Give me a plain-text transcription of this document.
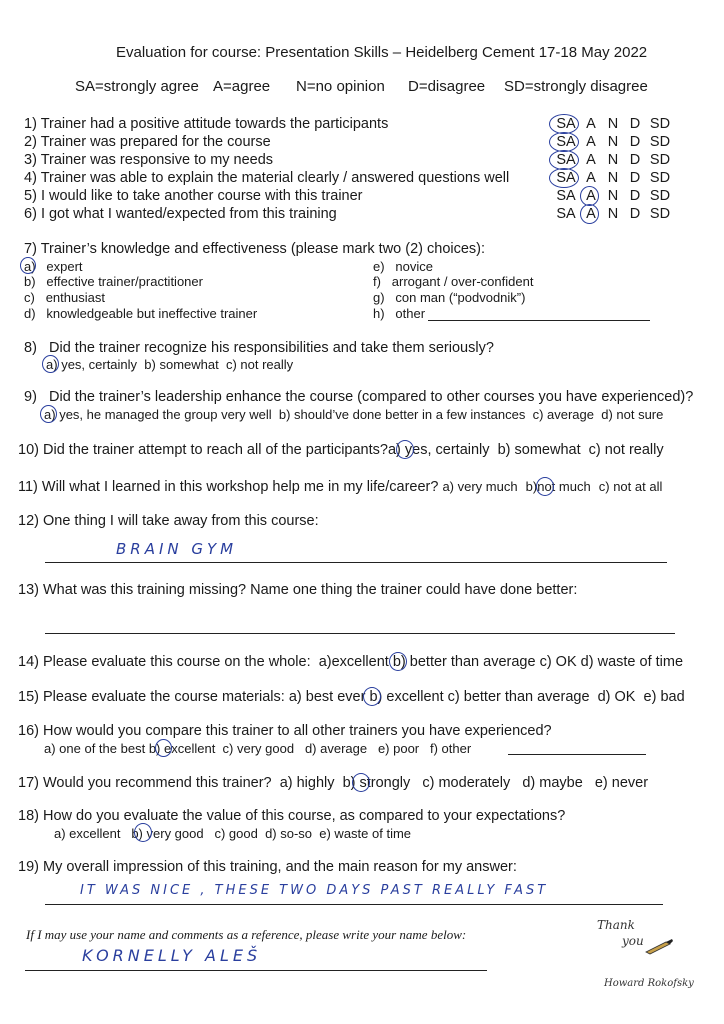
Evaluation for course: Presentation Skills – Heidelberg Cement 17-18 May 2022
SA=strongly agree A=agree N=no opinion D=disagree SD=strongly disagree
1) Trainer had a positive attitude towards the participants
2) Trainer was prepared for the course
3) Trainer was responsive to my needs
4) Trainer was able to explain the material clearly / answered questions well
5) I would like to take another course with this trainer
6) I got what I wanted/expected from this training
SA A N D SD
SA A N D SD
SA A N D SD
SA A N D SD
SA A N D SD
SA A N D SD
7) Trainer’s knowledge and effectiveness (please mark two (2) choices):
a) expert
b) effective trainer/practitioner
c) enthusiast
d) knowledgeable but ineffective trainer
e) novice
f) arrogant / over-confident
g) con man (“podvodnik”)
h) other
8) Did the trainer recognize his responsibilities and take them seriously?
a) yes, certainly b) somewhat c) not really
9) Did the trainer’s leadership enhance the course (compared to other courses you have experienced)?
a) yes, he managed the group very well b) should’ve done better in a few instances c) average d) not sure
10) Did the trainer attempt to reach all of the participants?a) yes, certainly b) somewhat c) not really
11) Will what I learned in this workshop help me in my life/career? a) very much b)not much c) not at all
12) One thing I will take away from this course:
BRAIN GYM
13) What was this training missing? Name one thing the trainer could have done better:
14) Please evaluate this course on the whole: a)excellent b) better than average c) OK d) waste of time
15) Please evaluate the course materials: a) best ever b) excellent c) better than average d) OK e) bad
16) How would you compare this trainer to all other trainers you have experienced?
a) one of the best b) excellent c) very good d) average e) poor f) other
17) Would you recommend this trainer? a) highly b) strongly c) moderately d) maybe e) never
18) How do you evaluate the value of this course, as compared to your expectations?
a) excellent b) very good c) good d) so-so e) waste of time
19) My overall impression of this training, and the main reason for my answer:
IT WAS NICE , THESE TWO DAYS PAST REALLY FAST
If I may use your name and comments as a reference, please write your name below:
KORNELLY ALEŠ
Thank
you
Howard Rokofsky
